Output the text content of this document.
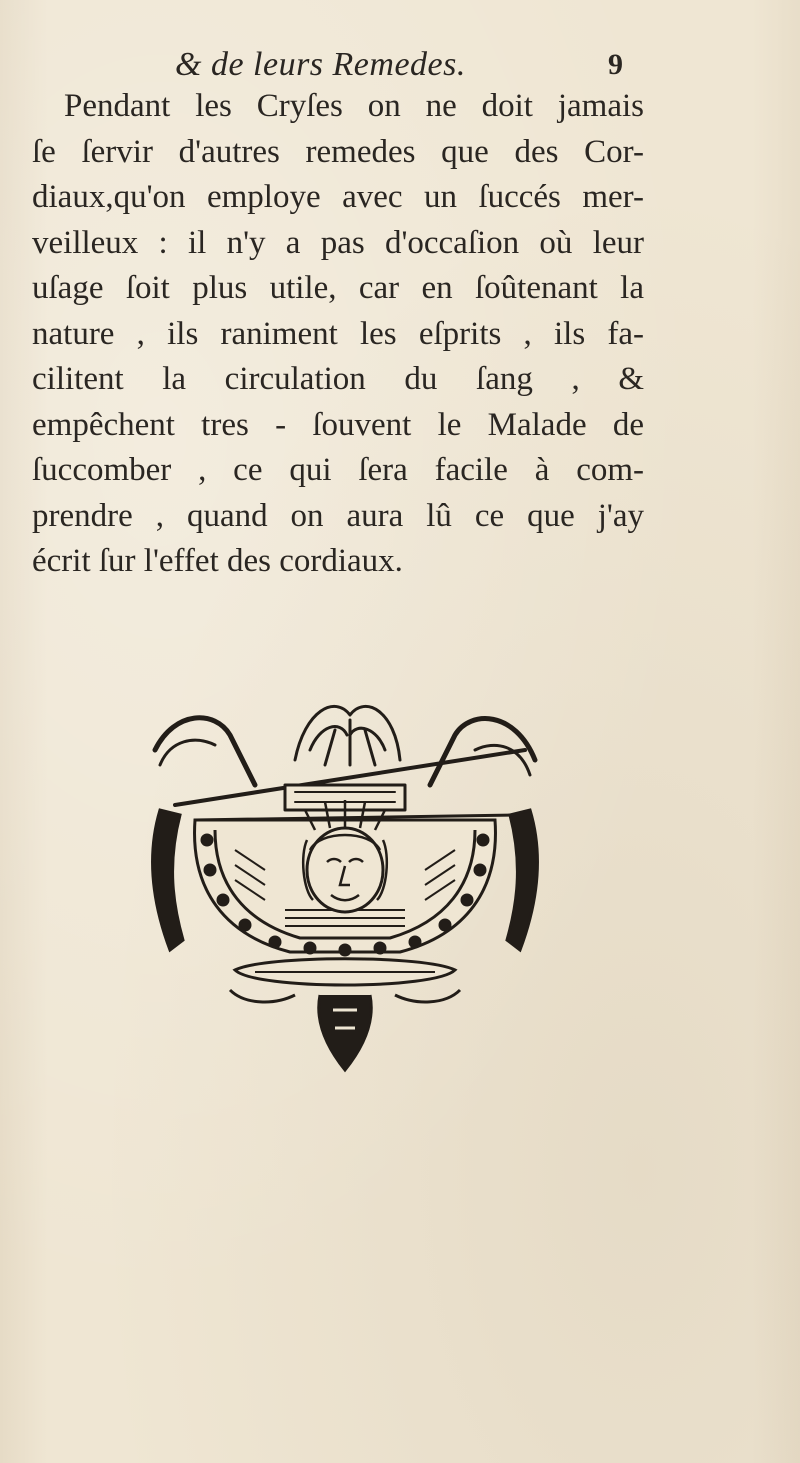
& de leurs Remedes.	9
Pendant les Cryſes on ne doit jamais
ſe ſervir d'autres remedes que des Cor-
diaux,qu'on employe avec un ſuccés mer-
veilleux : il n'y a pas d'occaſion où leur
uſage ſoit plus utile, car en ſoûtenant la
nature , ils raniment les eſprits , ils fa-
cilitent la circulation du ſang , &
empêchent tres - ſouvent le Malade de
ſuccomber , ce qui ſera facile à com-
prendre , quand on aura lû ce que j'ay
écrit ſur l'effet des cordiaux.
